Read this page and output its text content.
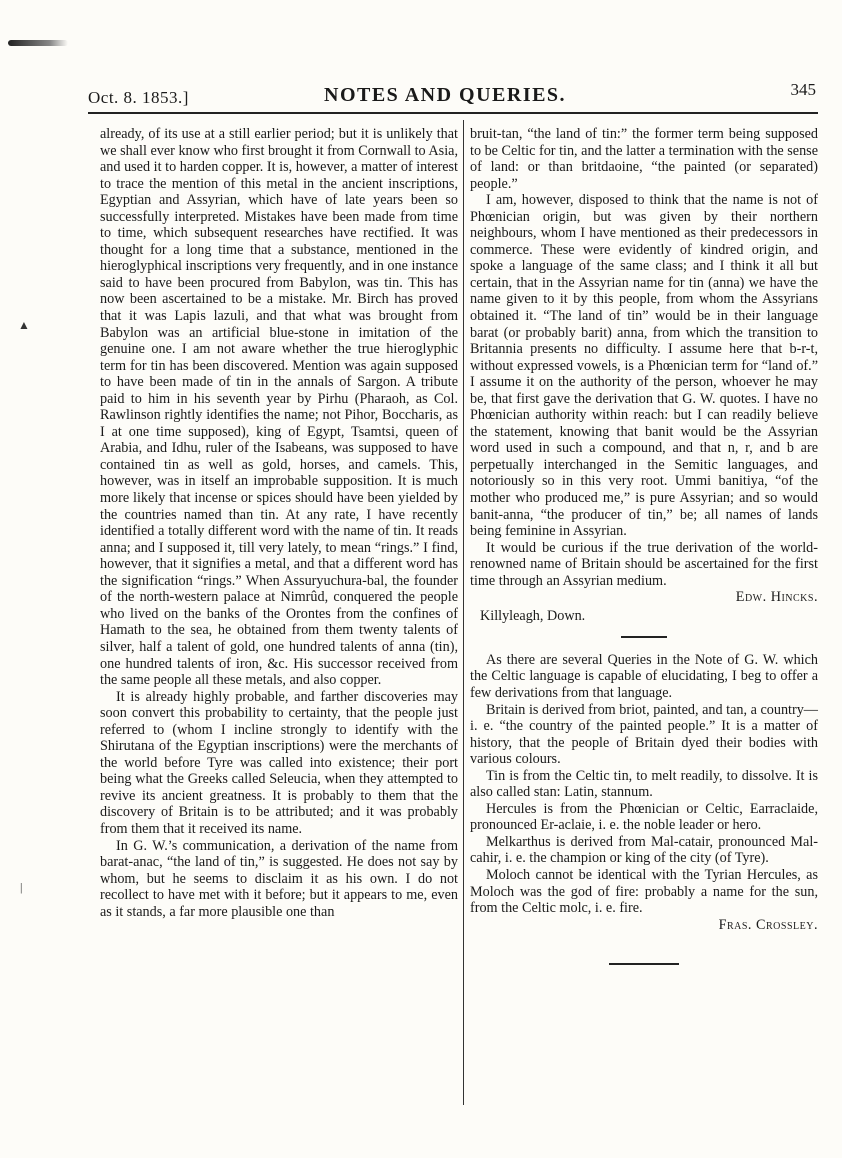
Oct. 8. 1853.]	NOTES AND QUERIES.	345
▲
|

already, of its use at a still earlier period; but it is unlikely that we shall ever know who first brought it from Cornwall to Asia, and used it to harden copper. It is, however, a matter of interest to trace the mention of this metal in the ancient inscriptions, Egyptian and Assyrian, which have of late years been so successfully interpreted. Mistakes have been made from time to time, which subsequent researches have rectified. It was thought for a long time that a substance, mentioned in the hieroglyphical inscriptions very frequently, and in one instance said to have been procured from Babylon, was tin. This has now been ascertained to be a mistake. Mr. Birch has proved that it was Lapis lazuli, and that what was brought from Babylon was an artificial blue-stone in imitation of the genuine one. I am not aware whether the true hieroglyphic term for tin has been discovered. Mention was again supposed to have been made of tin in the annals of Sargon. A tribute paid to him in his seventh year by Pirhu (Pharaoh, as Col. Rawlinson rightly identifies the name; not Pihor, Boccharis, as I at one time supposed), king of Egypt, Tsamtsi, queen of Arabia, and Idhu, ruler of the Isabeans, was supposed to have contained tin as well as gold, horses, and camels. This, however, was in itself an improbable supposition. It is much more likely that incense or spices should have been yielded by the countries named than tin. At any rate, I have recently identified a totally different word with the name of tin. It reads anna; and I supposed it, till very lately, to mean “rings.” I find, however, that it signifies a metal, and that a different word has the signification “rings.” When Assuryuchura-bal, the founder of the north-western palace at Nimrûd, conquered the people who lived on the banks of the Orontes from the confines of Hamath to the sea, he obtained from them twenty talents of silver, half a talent of gold, one hundred talents of anna (tin), one hundred talents of iron, &c. His successor received from the same people all these metals, and also copper.

It is already highly probable, and farther discoveries may soon convert this probability to certainty, that the people just referred to (whom I incline strongly to identify with the Shirutana of the Egyptian inscriptions) were the merchants of the world before Tyre was called into existence; their port being what the Greeks called Seleucia, when they attempted to revive its ancient greatness. It is probably to them that the discovery of Britain is to be attributed; and it was probably from them that it received its name.

In G. W.’s communication, a derivation of the name from barat-anac, “the land of tin,” is suggested. He does not say by whom, but he seems to disclaim it as his own. I do not recollect to have met with it before; but it appears to me, even as it stands, a far more plausible one than

bruit-tan, “the land of tin:” the former term being supposed to be Celtic for tin, and the latter a termination with the sense of land: or than britdaoine, “the painted (or separated) people.”

I am, however, disposed to think that the name is not of Phœnician origin, but was given by their northern neighbours, whom I have mentioned as their predecessors in commerce. These were evidently of kindred origin, and spoke a language of the same class; and I think it all but certain, that in the Assyrian name for tin (anna) we have the name given to it by this people, from whom the Assyrians obtained it. “The land of tin” would be in their language barat (or probably barit) anna, from which the transition to Britannia presents no difficulty. I assume here that b-r-t, without expressed vowels, is a Phœnician term for “land of.” I assume it on the authority of the person, whoever he may be, that first gave the derivation that G. W. quotes. I have no Phœnician authority within reach: but I can readily believe the statement, knowing that banit would be the Assyrian word used in such a compound, and that n, r, and b are perpetually interchanged in the Semitic languages, and notoriously so in this very root. Ummi banitiya, “of the mother who produced me,” is pure Assyrian; and so would banit-anna, “the producer of tin,” be; all names of lands being feminine in Assyrian.

It would be curious if the true derivation of the world-renowned name of Britain should be ascertained for the first time through an Assyrian medium.

Edw. Hincks.

Killyleagh, Down.

As there are several Queries in the Note of G. W. which the Celtic language is capable of elucidating, I beg to offer a few derivations from that language.

Britain is derived from briot, painted, and tan, a country—i. e. “the country of the painted people.” It is a matter of history, that the people of Britain dyed their bodies with various colours.

Tin is from the Celtic tin, to melt readily, to dissolve. It is also called stan: Latin, stannum.

Hercules is from the Phœnician or Celtic, Earraclaide, pronounced Er-aclaie, i. e. the noble leader or hero.

Melkarthus is derived from Mal-catair, pronounced Mal-cahir, i. e. the champion or king of the city (of Tyre).

Moloch cannot be identical with the Tyrian Hercules, as Moloch was the god of fire: probably a name for the sun, from the Celtic molc, i. e. fire.

Fras. Crossley.
